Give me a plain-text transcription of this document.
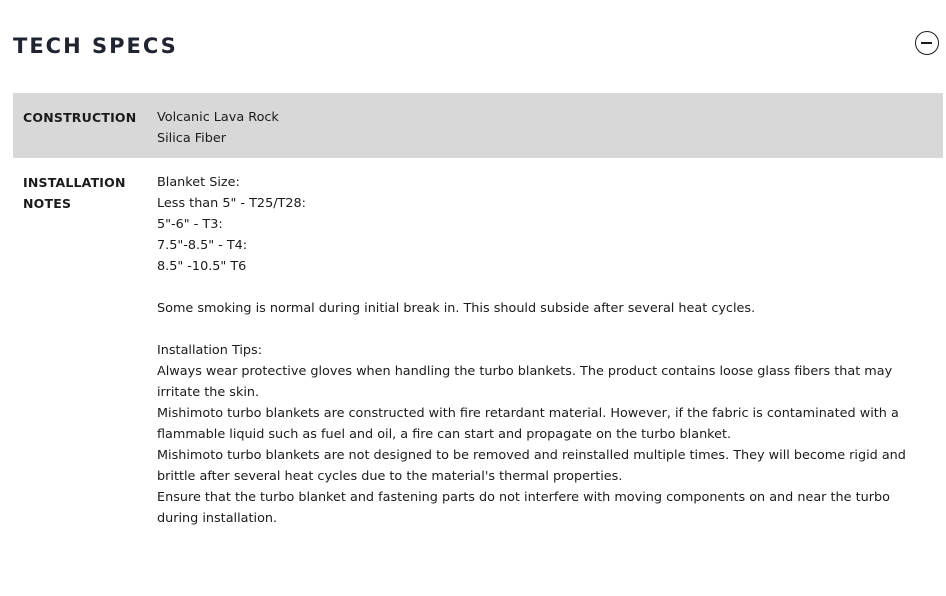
TECH SPECS
CONSTRUCTION	Volcanic Lava Rock
Silica Fiber
INSTALLATION NOTES
Blanket Size:
Less than 5" - T25/T28:
5"-6" - T3:
7.5"-8.5" - T4:
8.5" -10.5" T6
Some smoking is normal during initial break in. This should subside after several heat cycles.
Installation Tips:
Always wear protective gloves when handling the turbo blankets. The product contains loose glass fibers that may irritate the skin.
Mishimoto turbo blankets are constructed with fire retardant material. However, if the fabric is contaminated with a flammable liquid such as fuel and oil, a fire can start and propagate on the turbo blanket.
Mishimoto turbo blankets are not designed to be removed and reinstalled multiple times. They will become rigid and brittle after several heat cycles due to the material's thermal properties.
Ensure that the turbo blanket and fastening parts do not interfere with moving components on and near the turbo during installation.
